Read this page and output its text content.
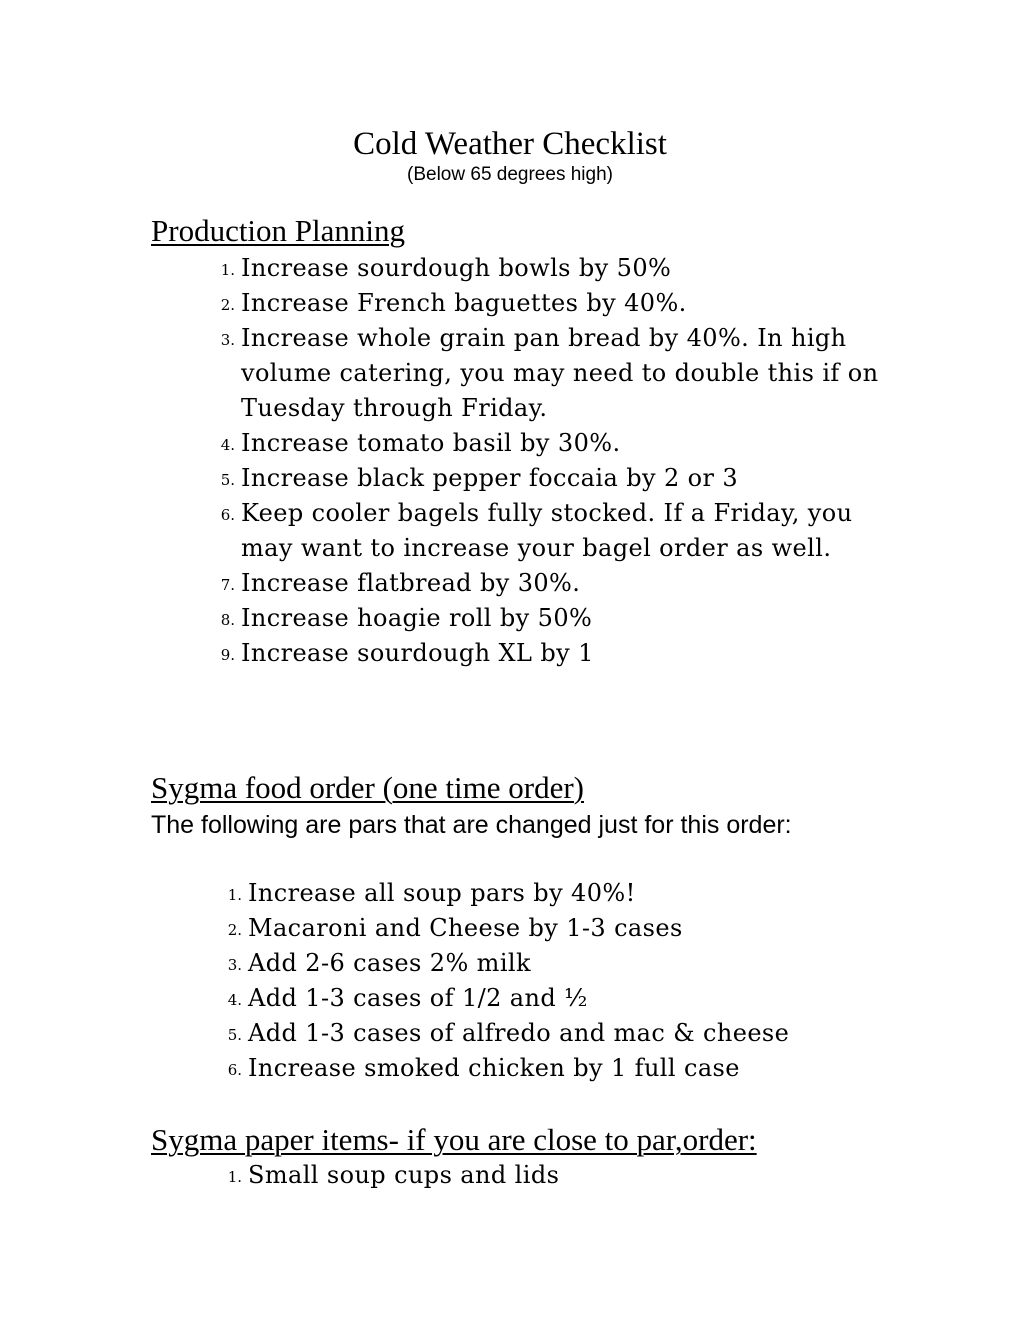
Cold Weather Checklist
(Below 65 degrees high)
Production Planning
1. Increase sourdough bowls by 50%
2. Increase French baguettes by 40%.
3. Increase whole grain pan bread by 40%. In high volume catering, you may need to double this if on Tuesday through Friday.
4. Increase tomato basil by 30%.
5. Increase black pepper foccaia by 2 or 3
6. Keep cooler bagels fully stocked. If a Friday, you may want to increase your bagel order as well.
7. Increase flatbread by 30%.
8. Increase hoagie roll by 50%
9. Increase sourdough XL by 1
Sygma food order (one time order)
The following are pars that are changed just for this order:
1. Increase all soup pars by 40%!
2. Macaroni and Cheese by 1-3 cases
3. Add 2-6 cases 2% milk
4. Add 1-3 cases of 1/2 and ½
5. Add 1-3 cases of alfredo and mac & cheese
6. Increase smoked chicken by 1 full case
Sygma paper items- if you are close to par,order:
1. Small soup cups and lids
